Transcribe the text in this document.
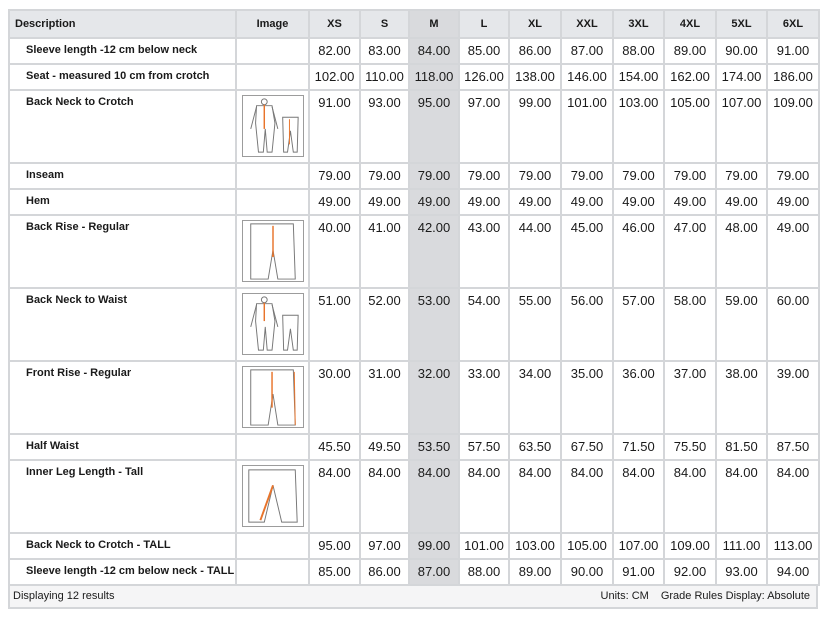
Description	Image	XS	S	M	L	XL	XXL	3XL	4XL	5XL	6XL
Sleeve length -12 cm below neck		82.00	83.00	84.00	85.00	86.00	87.00	88.00	89.00	90.00	91.00
Seat - measured 10 cm from crotch		102.00	110.00	118.00	126.00	138.00	146.00	154.00	162.00	174.00	186.00
Back Neck to Crotch		91.00	93.00	95.00	97.00	99.00	101.00	103.00	105.00	107.00	109.00
Inseam		79.00	79.00	79.00	79.00	79.00	79.00	79.00	79.00	79.00	79.00
Hem		49.00	49.00	49.00	49.00	49.00	49.00	49.00	49.00	49.00	49.00
Back Rise - Regular		40.00	41.00	42.00	43.00	44.00	45.00	46.00	47.00	48.00	49.00
Back Neck to Waist		51.00	52.00	53.00	54.00	55.00	56.00	57.00	58.00	59.00	60.00
Front Rise - Regular		30.00	31.00	32.00	33.00	34.00	35.00	36.00	37.00	38.00	39.00
Half Waist		45.50	49.50	53.50	57.50	63.50	67.50	71.50	75.50	81.50	87.50
Inner Leg Length - Tall		84.00	84.00	84.00	84.00	84.00	84.00	84.00	84.00	84.00	84.00
Back Neck to Crotch - TALL		95.00	97.00	99.00	101.00	103.00	105.00	107.00	109.00	111.00	113.00
Sleeve length -12 cm below neck - TALL		85.00	86.00	87.00	88.00	89.00	90.00	91.00	92.00	93.00	94.00
Displaying 12 results	Units: CM Grade Rules Display: Absolute
